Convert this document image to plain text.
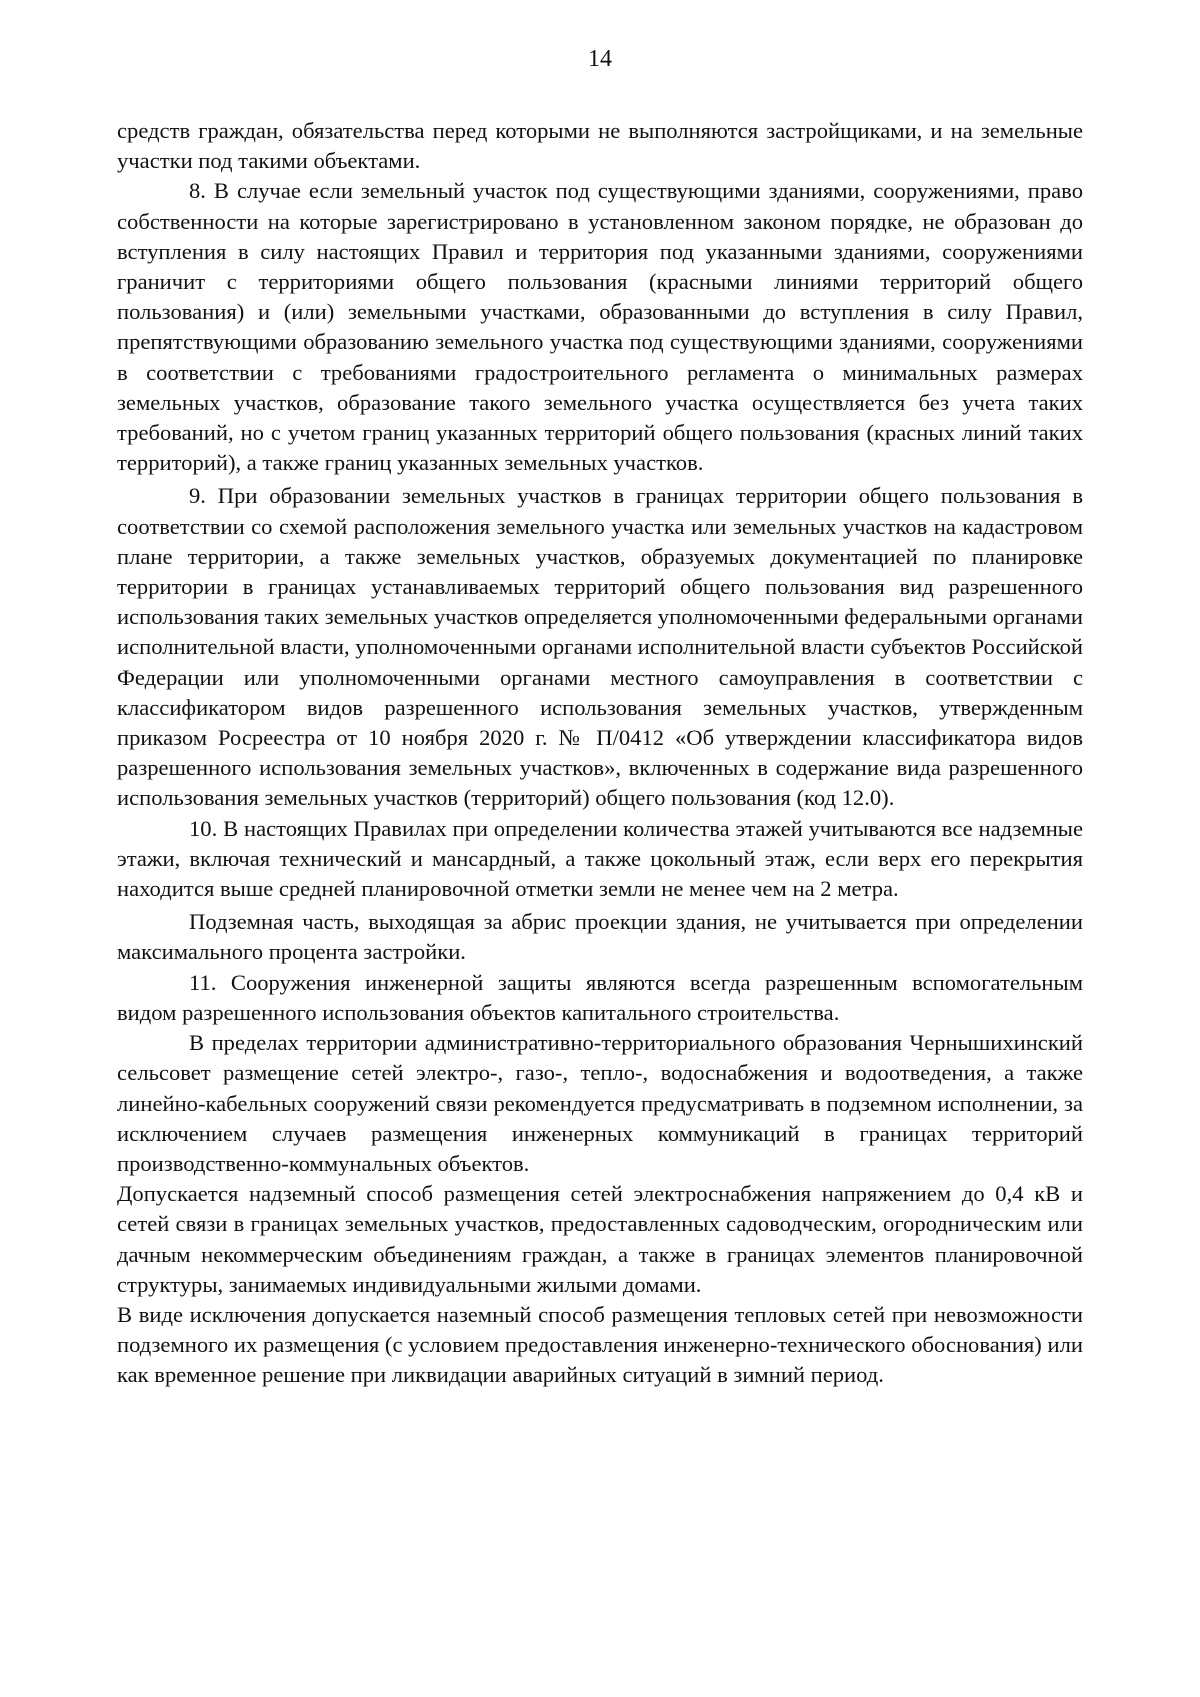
14

средств граждан, обязательства перед которыми не выполняются застройщиками, и на земельные участки под такими объектами.

8. В случае если земельный участок под существующими зданиями, сооружениями, право собственности на которые зарегистрировано в установленном законом порядке, не образован до вступления в силу настоящих Правил и территория под указанными зданиями, сооружениями граничит с территориями общего пользования (красными линиями территорий общего пользования) и (или) земельными участками, образованными до вступления в силу Правил, препятствующими образованию земельного участка под существующими зданиями, сооружениями в соответствии с требованиями градостроительного регламента о минимальных размерах земельных участков, образование такого земельного участка осуществляется без учета таких требований, но с учетом границ указанных территорий общего пользования (красных линий таких территорий), а также границ указанных земельных участков.

9. При образовании земельных участков в границах территории общего пользования в соответствии со схемой расположения земельного участка или земельных участков на кадастровом плане территории, а также земельных участков, образуемых документацией по планировке территории в границах устанавливаемых территорий общего пользования вид разрешенного использования таких земельных участков определяется уполномоченными федеральными органами исполнительной власти, уполномоченными органами исполнительной власти субъектов Российской Федерации или уполномоченными органами местного самоуправления в соответствии с классификатором видов разрешенного использования земельных участков, утвержденным приказом Росреестра от 10 ноября 2020 г. № П/0412 «Об утверждении классификатора видов разрешенного использования земельных участков», включенных в содержание вида разрешенного использования земельных участков (территорий) общего пользования (код 12.0).

10. В настоящих Правилах при определении количества этажей учитываются все надземные этажи, включая технический и мансардный, а также цокольный этаж, если верх его перекрытия находится выше средней планировочной отметки земли не менее чем на 2 метра.

Подземная часть, выходящая за абрис проекции здания, не учитывается при определении максимального процента застройки.

11. Сооружения инженерной защиты являются всегда разрешенным вспомогательным видом разрешенного использования объектов капитального строительства.

В пределах территории административно-территориального образования Чернышихинский сельсовет размещение сетей электро-, газо-, тепло-, водоснабжения и водоотведения, а также линейно-кабельных сооружений связи рекомендуется предусматривать в подземном исполнении, за исключением случаев размещения инженерных коммуникаций в границах территорий производственно-коммунальных объектов.

Допускается надземный способ размещения сетей электроснабжения напряжением до 0,4 кВ и сетей связи в границах земельных участков, предоставленных садоводческим, огородническим или дачным некоммерческим объединениям граждан, а также в границах элементов планировочной структуры, занимаемых индивидуальными жилыми домами.

В виде исключения допускается наземный способ размещения тепловых сетей при невозможности подземного их размещения (с условием предоставления инженерно-технического обоснования) или как временное решение при ликвидации аварийных ситуаций в зимний период.
